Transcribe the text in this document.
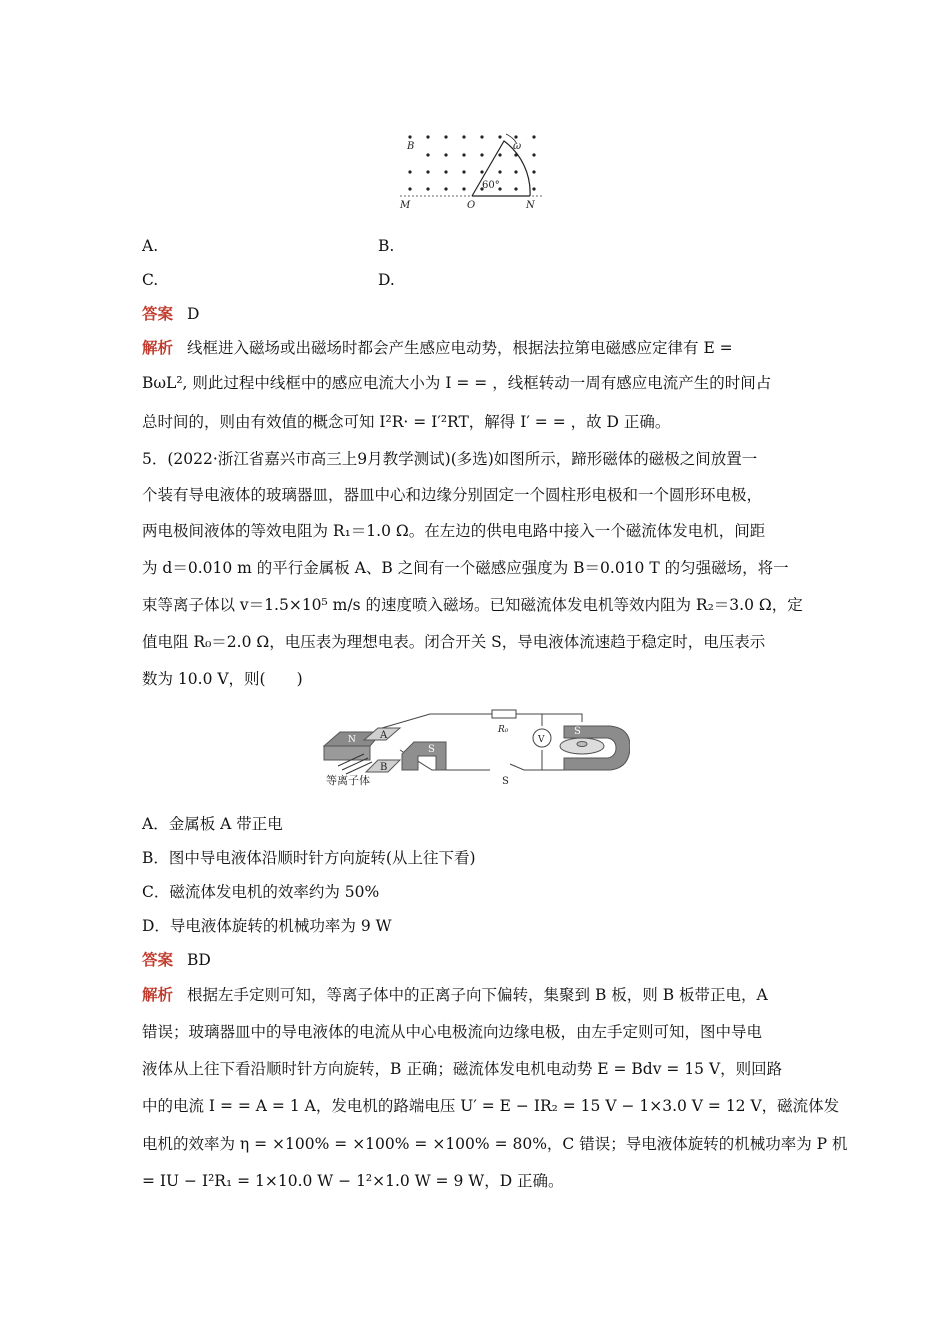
B	ω
60°
M	O	N
A.	B.
C.	D.
答案 D
解析 线框进入磁场或出磁场时都会产生感应电动势，根据法拉第电磁感应定律有 E =
BωL², 则此过程中线框中的感应电流大小为 I = = ，线框转动一周有感应电流产生的时间占
总时间的，则由有效值的概念可知 I²R· = I′²RT，解得 I′ = = ，故 D 正确。
5．(2022·浙江省嘉兴市高三上9月教学测试)(多选)如图所示，蹄形磁体的磁极之间放置一
个装有导电液体的玻璃器皿，器皿中心和边缘分别固定一个圆柱形电极和一个圆形环电极，
两电极间液体的等效电阻为 R₁＝1.0 Ω。在左边的供电电路中接入一个磁流体发电机，间距
为 d＝0.010 m 的平行金属板 A、B 之间有一个磁感应强度为 B＝0.010 T 的匀强磁场，将一
束等离子体以 v＝1.5×10⁵ m/s 的速度喷入磁场。已知磁流体发电机等效内阻为 R₂＝3.0 Ω，定
值电阻 R₀＝2.0 Ω，电压表为理想电表。闭合开关 S，导电液体流速趋于稳定时，电压表示
数为 10.0 V，则(　　)
N A
B
S
S
R₀
V
S
等离子体
A．金属板 A 带正电
B．图中导电液体沿顺时针方向旋转(从上往下看)
C．磁流体发电机的效率约为 50%
D．导电液体旋转的机械功率为 9 W
答案 BD
解析 根据左手定则可知，等离子体中的正离子向下偏转，集聚到 B 板，则 B 板带正电，A
错误；玻璃器皿中的导电液体的电流从中心电极流向边缘电极，由左手定则可知，图中导电
液体从上往下看沿顺时针方向旋转，B 正确；磁流体发电机电动势 E = Bdv = 15 V，则回路
中的电流 I = = A = 1 A，发电机的路端电压 U′ = E − IR₂ = 15 V − 1×3.0 V = 12 V，磁流体发
电机的效率为 η = ×100% = ×100% = ×100% = 80%，C 错误；导电液体旋转的机械功率为 P 机
= IU − I²R₁ = 1×10.0 W − 1²×1.0 W = 9 W，D 正确。
